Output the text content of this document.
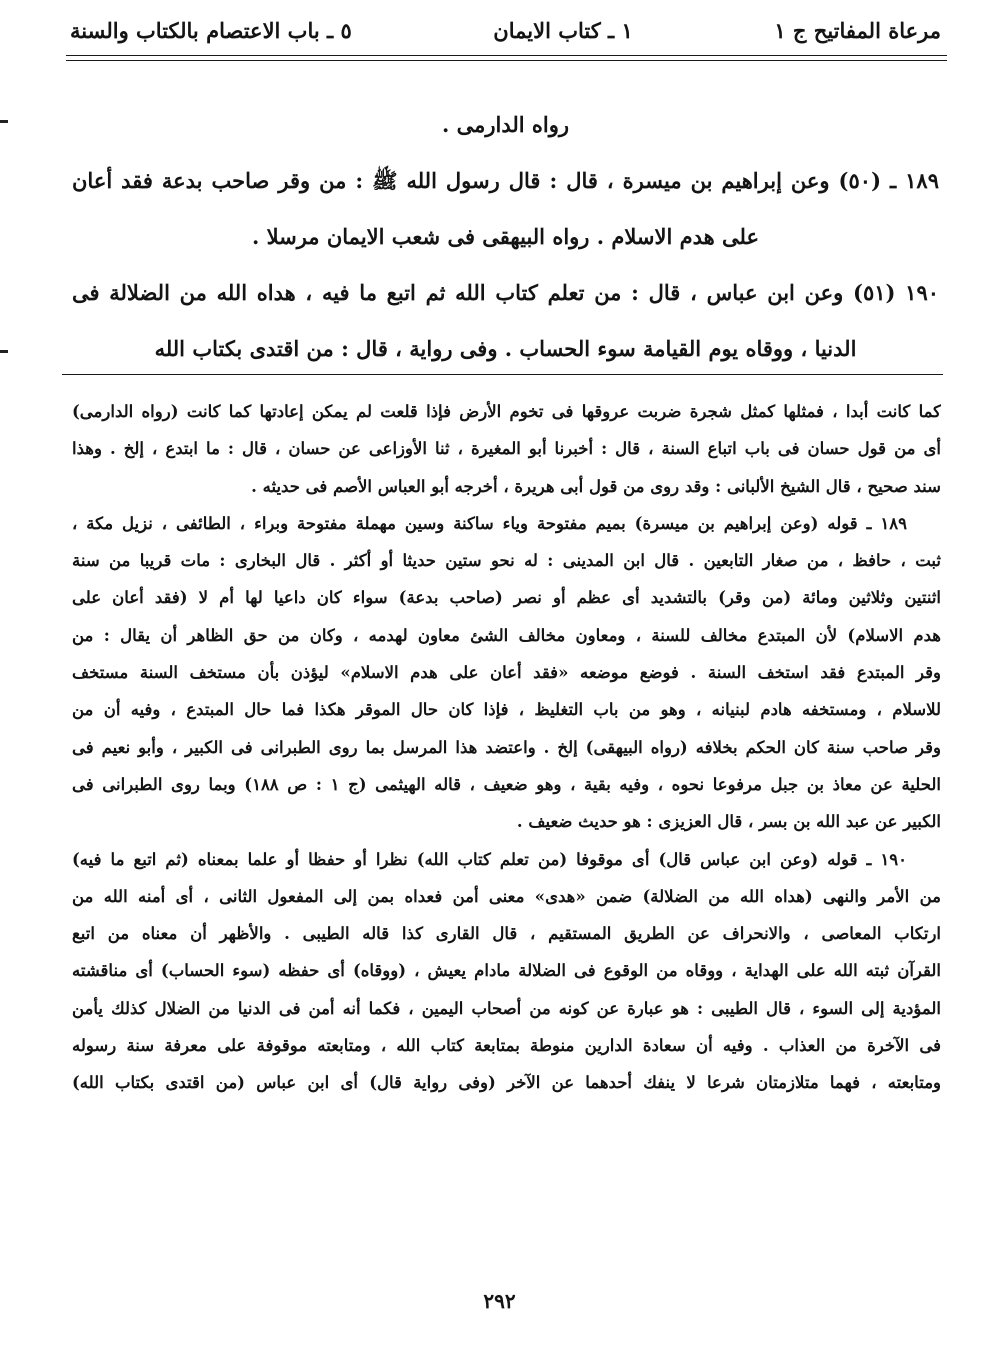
مرعاة المفاتيح ج ١
١ ـ كتاب الايمان
٥ ـ باب الاعتصام بالكتاب والسنة

رواه الدارمى .

١٨٩ ـ (٥٠) وعن إبراهيم بن ميسرة ، قال : قال رسول الله ﷺ : من وقر صاحب بدعة فقد أعان

على هدم الاسلام . رواه البيهقى فى شعب الايمان مرسلا .

١٩٠ (٥١) وعن ابن عباس ، قال : من تعلم كتاب الله ثم اتبع ما فيه ، هداه الله من الضلالة فى

الدنيا ، ووقاه يوم القيامة سوء الحساب . وفى رواية ، قال : من اقتدى بكتاب الله

كما كانت أبدا ، فمثلها كمثل شجرة ضربت عروقها فى تخوم الأرض فإذا قلعت لم يمكن إعادتها كما كانت (رواه الدارمى)
أى من قول حسان فى باب اتباع السنة ، قال : أخبرنا أبو المغيرة ، ثنا الأوزاعى عن حسان ، قال : ما ابتدع ، إلخ . وهذا
سند صحيح ، قال الشيخ الألبانى : وقد روى من قول أبى هريرة ، أخرجه أبو العباس الأصم فى حديثه .
١٨٩ ـ قوله (وعن إبراهيم بن ميسرة) بميم مفتوحة وياء ساكنة وسين مهملة مفتوحة وبراء ، الطائفى ، نزيل مكة ،
ثبت ، حافظ ، من صغار التابعين . قال ابن المدينى : له نحو ستين حديثا أو أكثر . قال البخارى : مات قريبا من سنة
اثنتين وثلاثين ومائة (من وقر) بالتشديد أى عظم أو نصر (صاحب بدعة) سواء كان داعيا لها أم لا (فقد أعان على
هدم الاسلام) لأن المبتدع مخالف للسنة ، ومعاون مخالف الشئ معاون لهدمه ، وكان من حق الظاهر أن يقال : من
وقر المبتدع فقد استخف السنة . فوضع موضعه «فقد أعان على هدم الاسلام» ليؤذن بأن مستخف السنة مستخف
للاسلام ، ومستخفه هادم لبنيانه ، وهو من باب التغليظ ، فإذا كان حال الموقر هكذا فما حال المبتدع ، وفيه أن من
وقر صاحب سنة كان الحكم بخلافه (رواه البيهقى) إلخ . واعتضد هذا المرسل بما روى الطبرانى فى الكبير ، وأبو نعيم فى
الحلية عن معاذ بن جبل مرفوعا نحوه ، وفيه بقية ، وهو ضعيف ، قاله الهيثمى (ج ١ : ص ١٨٨) وبما روى الطبرانى فى
الكبير عن عبد الله بن بسر ، قال العزيزى : هو حديث ضعيف .
١٩٠ ـ قوله (وعن ابن عباس قال) أى موقوفا (من تعلم كتاب الله) نظرا أو حفظا أو علما بمعناه (ثم اتبع ما فيه)
من الأمر والنهى (هداه الله من الضلالة) ضمن «هدى» معنى أمن فعداه بمن إلى المفعول الثانى ، أى أمنه الله من
ارتكاب المعاصى ، والانحراف عن الطريق المستقيم ، قال القارى كذا قاله الطيبى . والأظهر أن معناه من اتبع
القرآن ثبته الله على الهداية ، ووقاه من الوقوع فى الضلالة مادام يعيش ، (ووقاه) أى حفظه (سوء الحساب) أى مناقشته
المؤدية إلى السوء ، قال الطيبى : هو عبارة عن كونه من أصحاب اليمين ، فكما أنه أمن فى الدنيا من الضلال كذلك يأمن
فى الآخرة من العذاب . وفيه أن سعادة الدارين منوطة بمتابعة كتاب الله ، ومتابعته موقوفة على معرفة سنة رسوله
ومتابعته ، فهما متلازمتان شرعا لا ينفك أحدهما عن الآخر (وفى رواية قال) أى ابن عباس (من اقتدى بكتاب الله)
٢٩٢
